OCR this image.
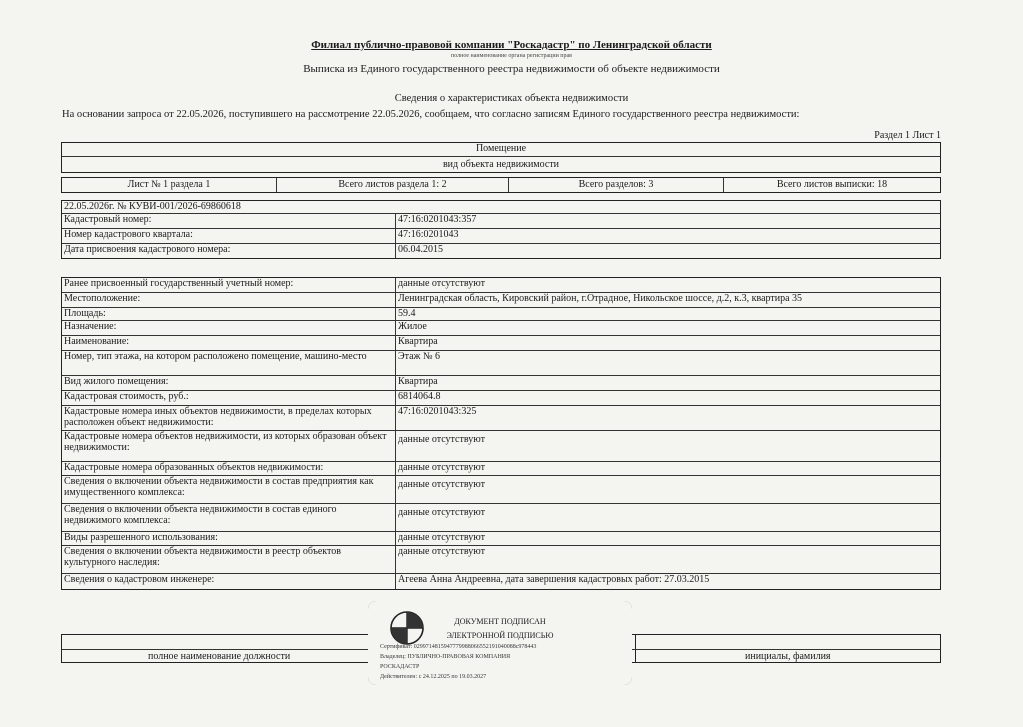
Филиал публично-правовой компании "Роскадастр" по Ленинградской области
полное наименование органа регистрации прав
Выписка из Единого государственного реестра недвижимости об объекте недвижимости
Сведения о характеристиках объекта недвижимости
На основании запроса от 22.05.2026, поступившего на рассмотрение 22.05.2026, сообщаем, что согласно записям Единого государственного реестра недвижимости:
Раздел 1 Лист 1
Помещение
вид объекта недвижимости
Лист № 1 раздела 1	Всего листов раздела 1: 2	Всего разделов: 3	Всего листов выписки: 18
22.05.2026г. № КУВИ-001/2026-69860618
Кадастровый номер:	47:16:0201043:357
Номер кадастрового квартала:	47:16:0201043
Дата присвоения кадастрового номера:	06.04.2015
Ранее присвоенный государственный учетный номер:	данные отсутствуют
Местоположение:	Ленинградская область, Кировский район, г.Отрадное, Никольское шоссе, д.2, к.3, квартира 35
Площадь:	59.4
Назначение:	Жилое
Наименование:	Квартира
Номер, тип этажа, на котором расположено помещение, машино-место	Этаж № 6
Вид жилого помещения:	Квартира
Кадастровая стоимость, руб.:	6814064.8
Кадастровые номера иных объектов недвижимости, в пределах которых расположен объект недвижимости:
47:16:0201043:325
Кадастровые номера объектов недвижимости, из которых образован объект недвижимости:
данные отсутствуют
Кадастровые номера образованных объектов недвижимости:	данные отсутствуют
Сведения о включении объекта недвижимости в состав предприятия как имущественного комплекса:
данные отсутствуют
Сведения о включении объекта недвижимости в состав единого недвижимого комплекса:
данные отсутствуют
Виды разрешенного использования:	данные отсутствуют
Сведения о включении объекта недвижимости в реестр объектов культурного наследия:
данные отсутствуют
Сведения о кадастровом инженере:	Агеева Анна Андреевна, дата завершения кадастровых работ: 27.03.2015
полное наименование должности	инициалы, фамилия
ДОКУМЕНТ ПОДПИСАН
ЭЛЕКТРОННОЙ ПОДПИСЬЮ
Сертификат: 0299714815947779988066552191040088c978443
Владелец: ПУБЛИЧНО-ПРАВОВАЯ КОМПАНИЯ
РОСКАДАСТР
Действителен: с 24.12.2025 по 19.03.2027
